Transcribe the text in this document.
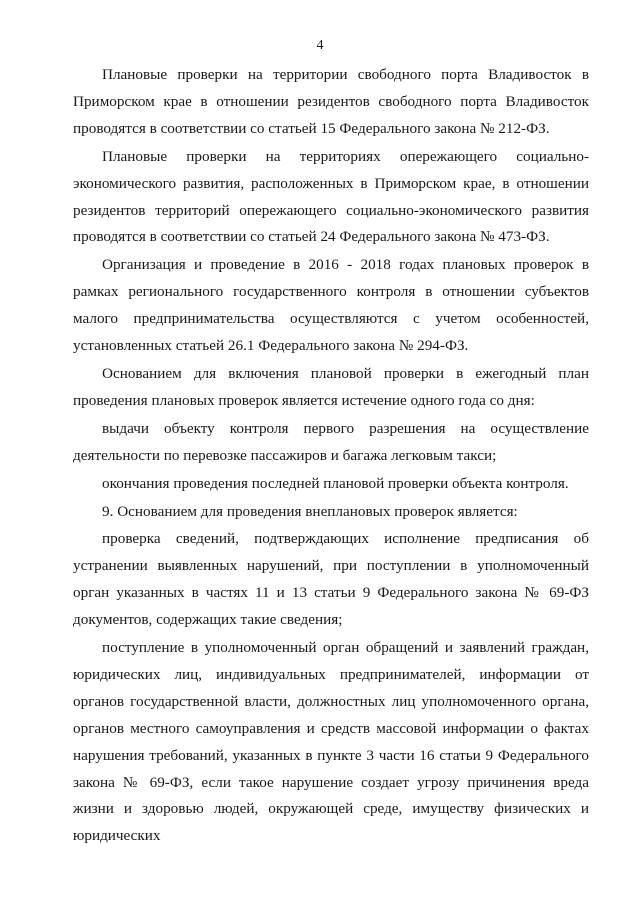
4

Плановые проверки на территории свободного порта Владивосток в Приморском крае в отношении резидентов свободного порта Владивосток проводятся в соответствии со статьей 15 Федерального закона № 212-ФЗ.

Плановые проверки на территориях опережающего социально-экономического развития, расположенных в Приморском крае, в отношении резидентов территорий опережающего социально-экономического развития проводятся в соответствии со статьей 24 Федерального закона № 473-ФЗ.

Организация и проведение в 2016 - 2018 годах плановых проверок в рамках регионального государственного контроля в отношении субъектов малого предпринимательства осуществляются с учетом особенностей, установленных статьей 26.1 Федерального закона № 294-ФЗ.

Основанием для включения плановой проверки в ежегодный план проведения плановых проверок является истечение одного года со дня:

выдачи объекту контроля первого разрешения на осуществление деятельности по перевозке пассажиров и багажа легковым такси;

окончания проведения последней плановой проверки объекта контроля.

9. Основанием для проведения внеплановых проверок является:

проверка сведений, подтверждающих исполнение предписания об устранении выявленных нарушений, при поступлении в уполномоченный орган указанных в частях 11 и 13 статьи 9 Федерального закона № 69-ФЗ документов, содержащих такие сведения;

поступление в уполномоченный орган обращений и заявлений граждан, юридических лиц, индивидуальных предпринимателей, информации от органов государственной власти, должностных лиц уполномоченного органа, органов местного самоуправления и средств массовой информации о фактах нарушения требований, указанных в пункте 3 части 16 статьи 9 Федерального закона № 69-ФЗ, если такое нарушение создает угрозу причинения вреда жизни и здоровью людей, окружающей среде, имуществу физических и юридических
